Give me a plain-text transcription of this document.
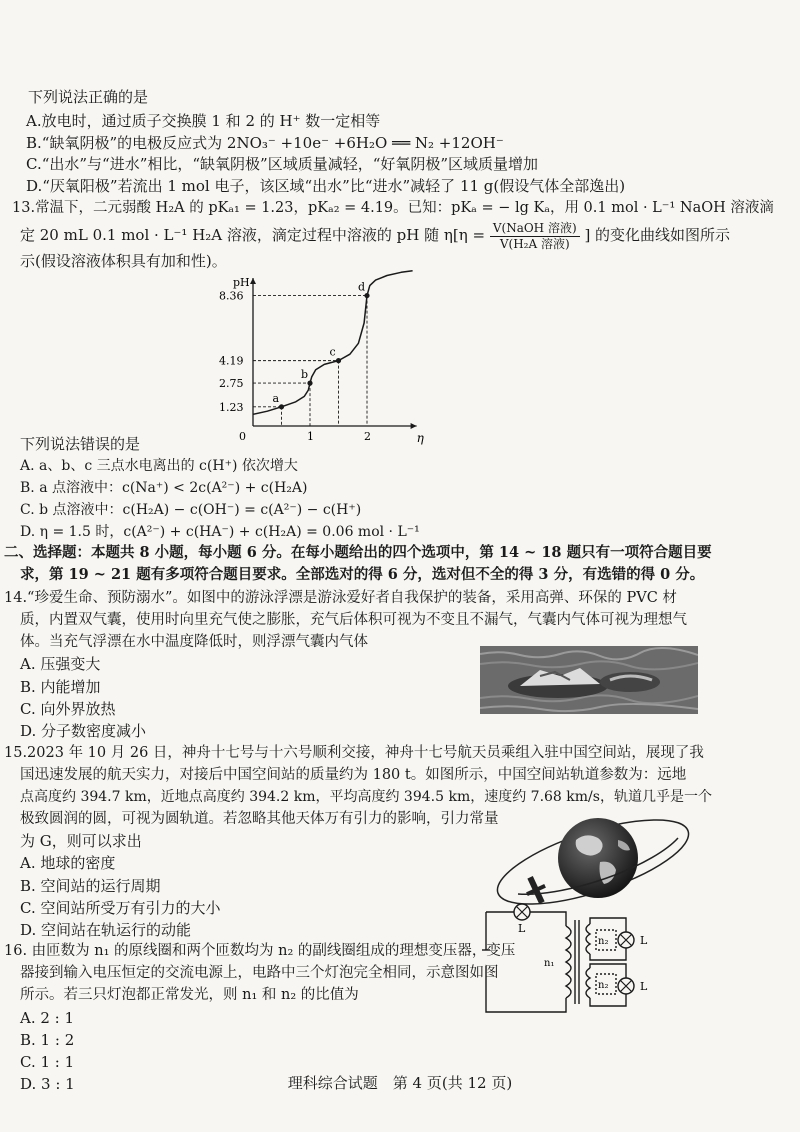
下列说法正确的是
A.放电时，通过质子交换膜 1 和 2 的 H⁺ 数一定相等
B.“缺氧阴极”的电极反应式为 2NO₃⁻ +10e⁻ +6H₂O ══ N₂ +12OH⁻
C.“出水”与“进水”相比，“缺氧阴极”区域质量减轻，“好氧阴极”区域质量增加
D.“厌氧阳极”若流出 1 mol 电子，该区域“出水”比“进水”减轻了 11 g(假设气体全部逸出)
13.常温下，二元弱酸 H₂A 的 pKₐ₁ = 1.23，pKₐ₂ = 4.19。已知：pKₐ = − lg Kₐ，用 0.1 mol · L⁻¹ NaOH 溶液滴
定 20 mL 0.1 mol · L⁻¹ H₂A 溶液，滴定过程中溶液的 pH 随 $\eta[\eta = \frac{\text{V(NaOH 溶液)}}{\text{V(H₂A 溶液)}}$ ] 的变化曲线如图所示
示(假设溶液体积具有加和性)。
pH
η
0	1	2
1.23
2.75
4.19
8.36
a
b
c
d
下列说法错误的是
A. a、b、c 三点水电离出的 c(H⁺) 依次增大
B. a 点溶液中：c(Na⁺) < 2c(A²⁻) + c(H₂A)
C. b 点溶液中：c(H₂A) − c(OH⁻) = c(A²⁻) − c(H⁺)
D. η = 1.5 时，c(A²⁻) + c(HA⁻) + c(H₂A) = 0.06 mol · L⁻¹
二、选择题：本题共 8 小题，每小题 6 分。在每小题给出的四个选项中，第 14 ~ 18 题只有一项符合题目要
求，第 19 ~ 21 题有多项符合题目要求。全部选对的得 6 分，选对但不全的得 3 分，有选错的得 0 分。
14.“珍爱生命、预防溺水”。如图中的游泳浮漂是游泳爱好者自我保护的装备，采用高弹、环保的 PVC 材
质，内置双气囊，使用时向里充气使之膨胀，充气后体积可视为不变且不漏气，气囊内气体可视为理想气
体。当充气浮漂在水中温度降低时，则浮漂气囊内气体
A. 压强变大
B. 内能增加
C. 向外界放热
D. 分子数密度减小
15.2023 年 10 月 26 日，神舟十七号与十六号顺利交接，神舟十七号航天员乘组入驻中国空间站，展现了我
国迅速发展的航天实力，对接后中国空间站的质量约为 180 t。如图所示，中国空间站轨道参数为：远地
点高度约 394.7 km，近地点高度约 394.2 km，平均高度约 394.5 km，速度约 7.68 km/s，轨道几乎是一个
极致圆润的圆，可视为圆轨道。若忽略其他天体万有引力的影响，引力常量
为 G，则可以求出
A. 地球的密度
B. 空间站的运行周期
C. 空间站所受万有引力的大小
D. 空间站在轨运行的动能
16. 由匝数为 n₁ 的原线圈和两个匝数均为 n₂ 的副线圈组成的理想变压器，变压
器接到输入电压恒定的交流电源上，电路中三个灯泡完全相同，示意图如图
所示。若三只灯泡都正常发光，则 n₁ 和 n₂ 的比值为
A. 2 : 1
B. 1 : 2
C. 1 : 1
D. 3 : 1
L
L
L
n₁
n₂
n₂
理科综合试题　第 4 页(共 12 页)
